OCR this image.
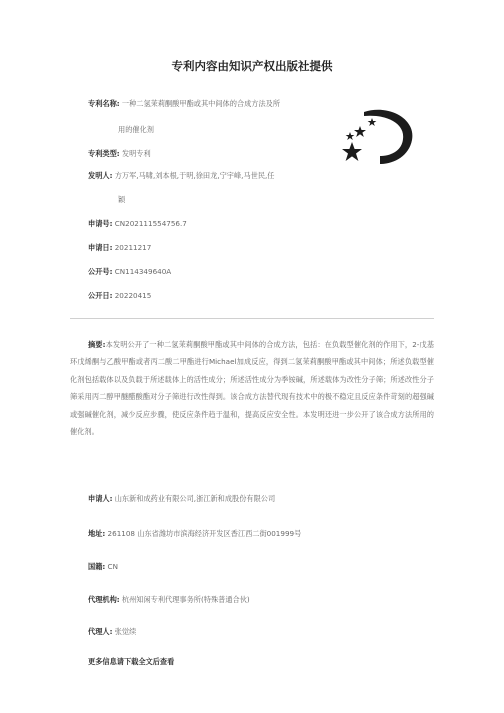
专利内容由知识产权出版社提供
专利名称: 一种二氢茉莉酮酸甲酯或其中间体的合成方法及所
用的催化剂
专利类型: 发明专利
发明人: 方万军,马啸,刘本根,于明,徐田龙,宁宇峰,马世民,任
颖
申请号: CN202111554756.7
申请日: 20211217
公开号: CN114349640A
公开日: 20220415
摘要:本发明公开了一种二氢茉莉酮酸甲酯或其中间体的合成方法，包括：在负载型催化剂的作用下，2-戊基环戊烯酮与乙酸甲酯或者丙二酸二甲酯进行Michael加成反应，得到二氢茉莉酮酸甲酯或其中间体；所述负载型催化剂包括载体以及负载于所述载体上的活性成分；所述活性成分为季铵碱，所述载体为改性分子筛；所述改性分子筛采用丙二醇甲醚醋酸酯对分子筛进行改性得到。该合成方法替代现有技术中的极不稳定且反应条件苛刻的超强碱或强碱催化剂，减少反应步骤，使反应条件趋于温和，提高反应安全性。本发明还进一步公开了该合成方法所用的催化剂。
申请人: 山东新和成药业有限公司,浙江新和成股份有限公司
地址: 261108 山东省潍坊市滨海经济开发区香江西二街001999号
国籍: CN
代理机构: 杭州知闲专利代理事务所(特殊普通合伙)
代理人: 张觉续
更多信息请下载全文后查看
